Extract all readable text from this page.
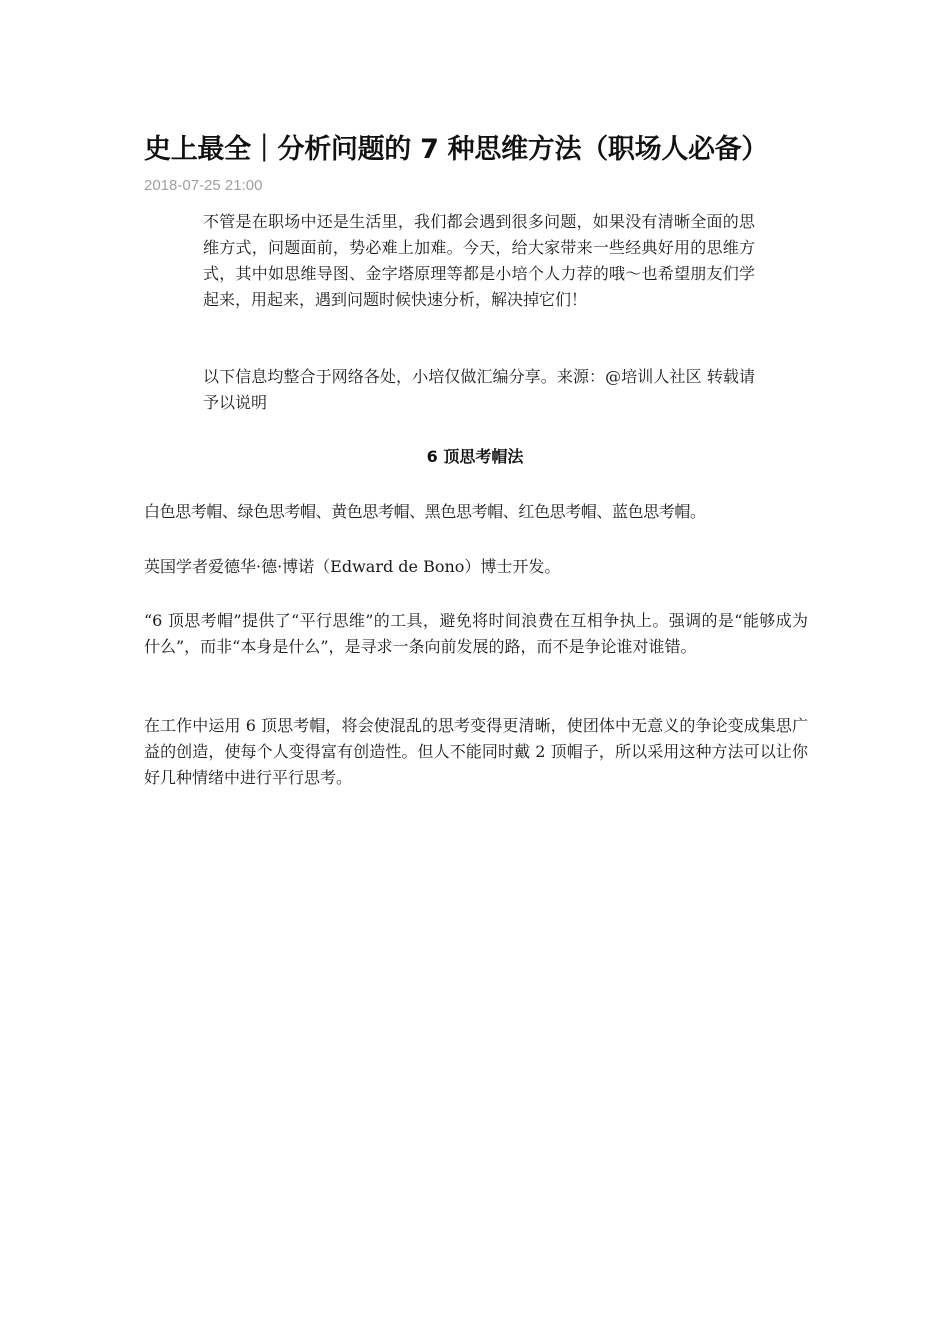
史上最全｜分析问题的 7 种思维方法（职场人必备）
2018-07-25 21:00

不管是在职场中还是生活里，我们都会遇到很多问题，如果没有清晰全面的思维方式，问题面前，势必难上加难。今天，给大家带来一些经典好用的思维方式，其中如思维导图、金字塔原理等都是小培个人力荐的哦～也希望朋友们学起来，用起来，遇到问题时候快速分析，解决掉它们！

以下信息均整合于网络各处，小培仅做汇编分享。来源：@培训人社区 转载请予以说明

6 顶思考帽法

白色思考帽、绿色思考帽、黄色思考帽、黑色思考帽、红色思考帽、蓝色思考帽。

英国学者爱德华·德·博诺（Edward de Bono）博士开发。

“6 顶思考帽”提供了“平行思维”的工具，避免将时间浪费在互相争执上。强调的是“能够成为什么”，而非“本身是什么”，是寻求一条向前发展的路，而不是争论谁对谁错。

在工作中运用 6 顶思考帽，将会使混乱的思考变得更清晰，使团体中无意义的争论变成集思广益的创造，使每个人变得富有创造性。但人不能同时戴 2 顶帽子，所以采用这种方法可以让你好几种情绪中进行平行思考。
